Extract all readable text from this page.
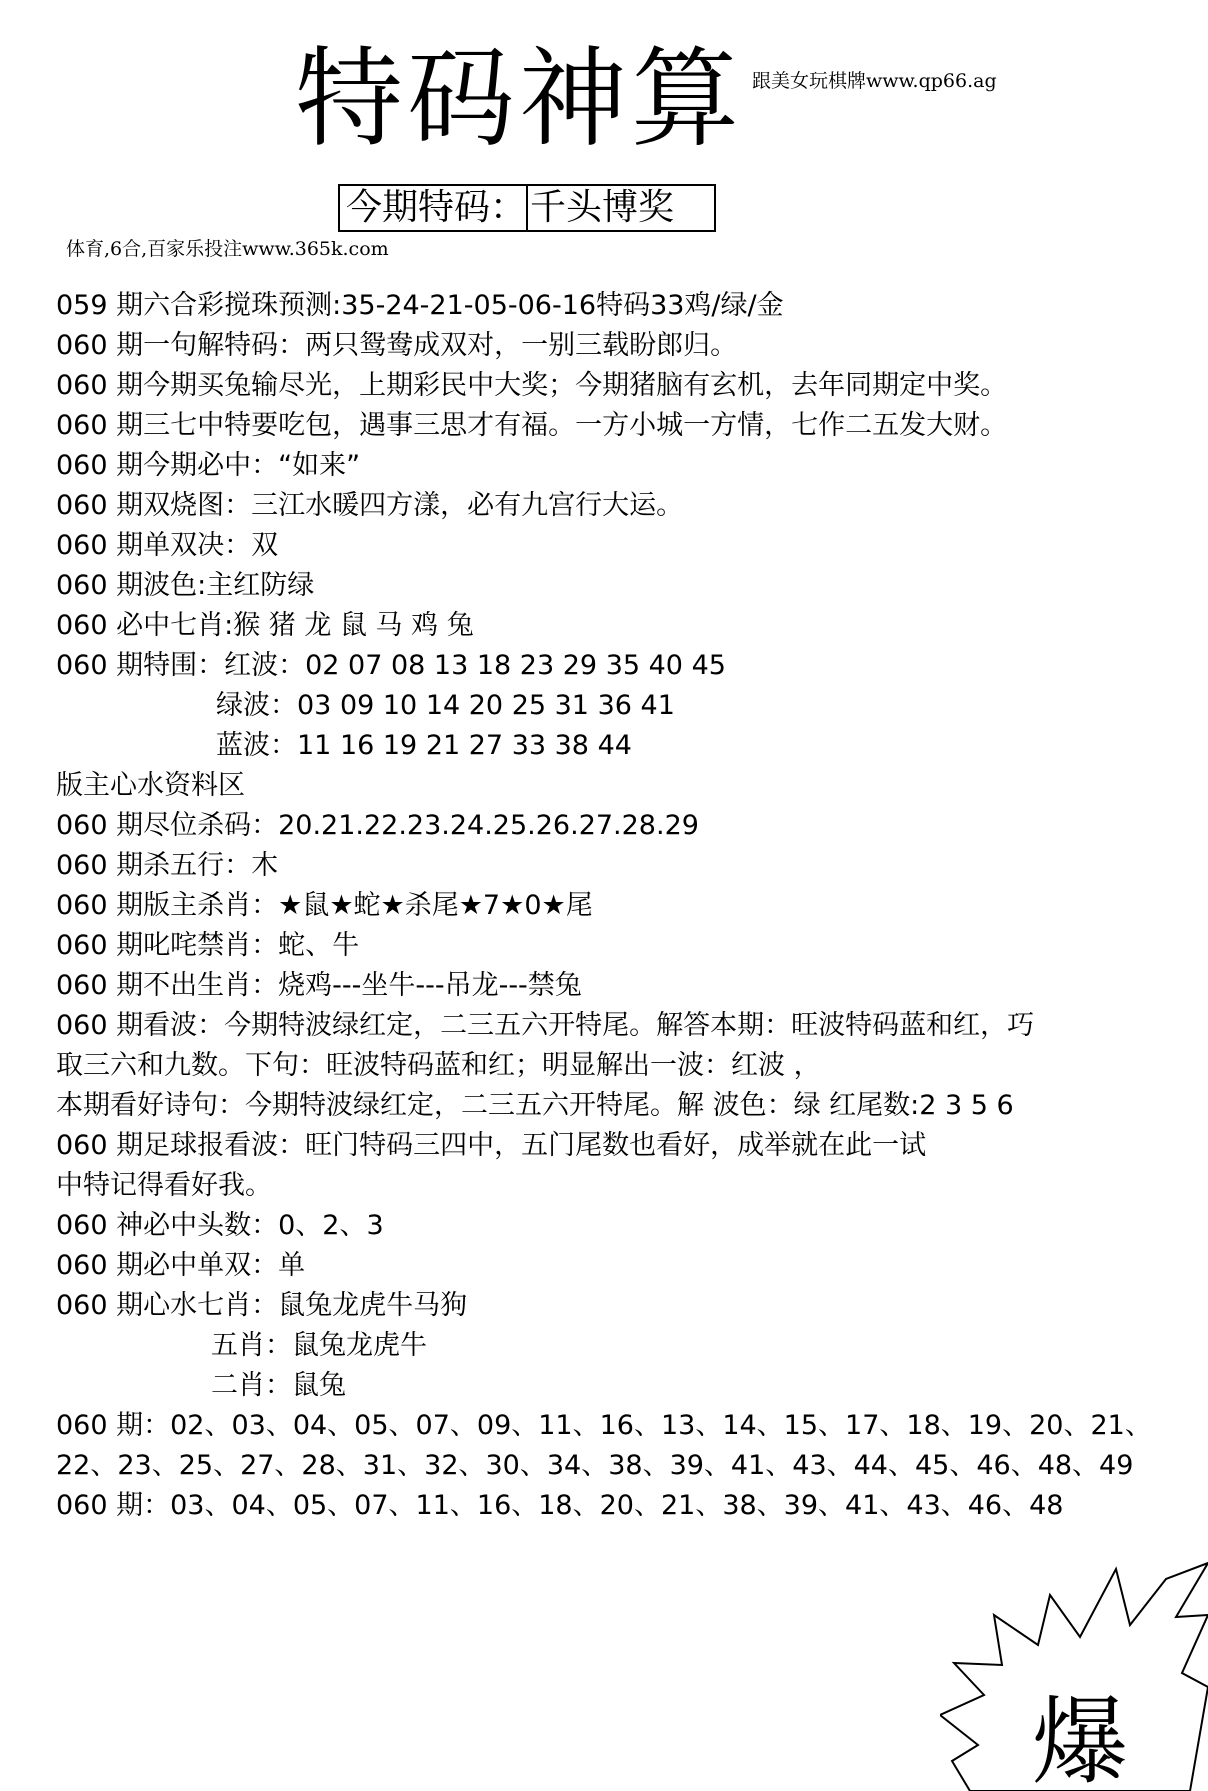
特码神算 跟美女玩棋牌www.qp66.ag
今期特码： 千头博奖
体育,6合,百家乐投注www.365k.com
059 期六合彩搅珠预测:35-24-21-05-06-16特码33鸡/绿/金
060 期一句解特码：两只鸳鸯成双对，一别三载盼郎归。
060 期今期买兔输尽光，上期彩民中大奖；今期猪脑有玄机，去年同期定中奖。
060 期三七中特要吃包，遇事三思才有福。一方小城一方情，七作二五发大财。
060 期今期必中：“如来”
060 期双烧图：三江水暖四方漾，必有九宫行大运。
060 期单双决：双
060 期波色:主红防绿
060 必中七肖:猴 猪 龙 鼠 马 鸡 兔
060 期特围：红波：02 07 08 13 18 23 29 35 40 45
绿波：03 09 10 14 20 25 31 36 41
蓝波：11 16 19 21 27 33 38 44
版主心水资料区
060 期尽位杀码：20.21.22.23.24.25.26.27.28.29
060 期杀五行：木
060 期版主杀肖：★鼠★蛇★杀尾★7★0★尾
060 期叱咤禁肖：蛇、牛
060 期不出生肖：烧鸡---坐牛---吊龙---禁兔
060 期看波：今期特波绿红定，二三五六开特尾。解答本期：旺波特码蓝和红，巧
取三六和九数。下句：旺波特码蓝和红；明显解出一波：红波 ，
本期看好诗句：今期特波绿红定，二三五六开特尾。解 波色：绿 红尾数:2 3 5 6
060 期足球报看波：旺门特码三四中，五门尾数也看好，成举就在此一试
中特记得看好我。
060 神必中头数：0、2、3
060 期必中单双：单
060 期心水七肖：鼠兔龙虎牛马狗
五肖：鼠兔龙虎牛
二肖：鼠兔
060 期：02、03、04、05、07、09、11、16、13、14、15、17、18、19、20、21、
22、23、25、27、28、31、32、30、34、38、39、41、43、44、45、46、48、49
060 期：03、04、05、07、11、16、18、20、21、38、39、41、43、46、48
爆
